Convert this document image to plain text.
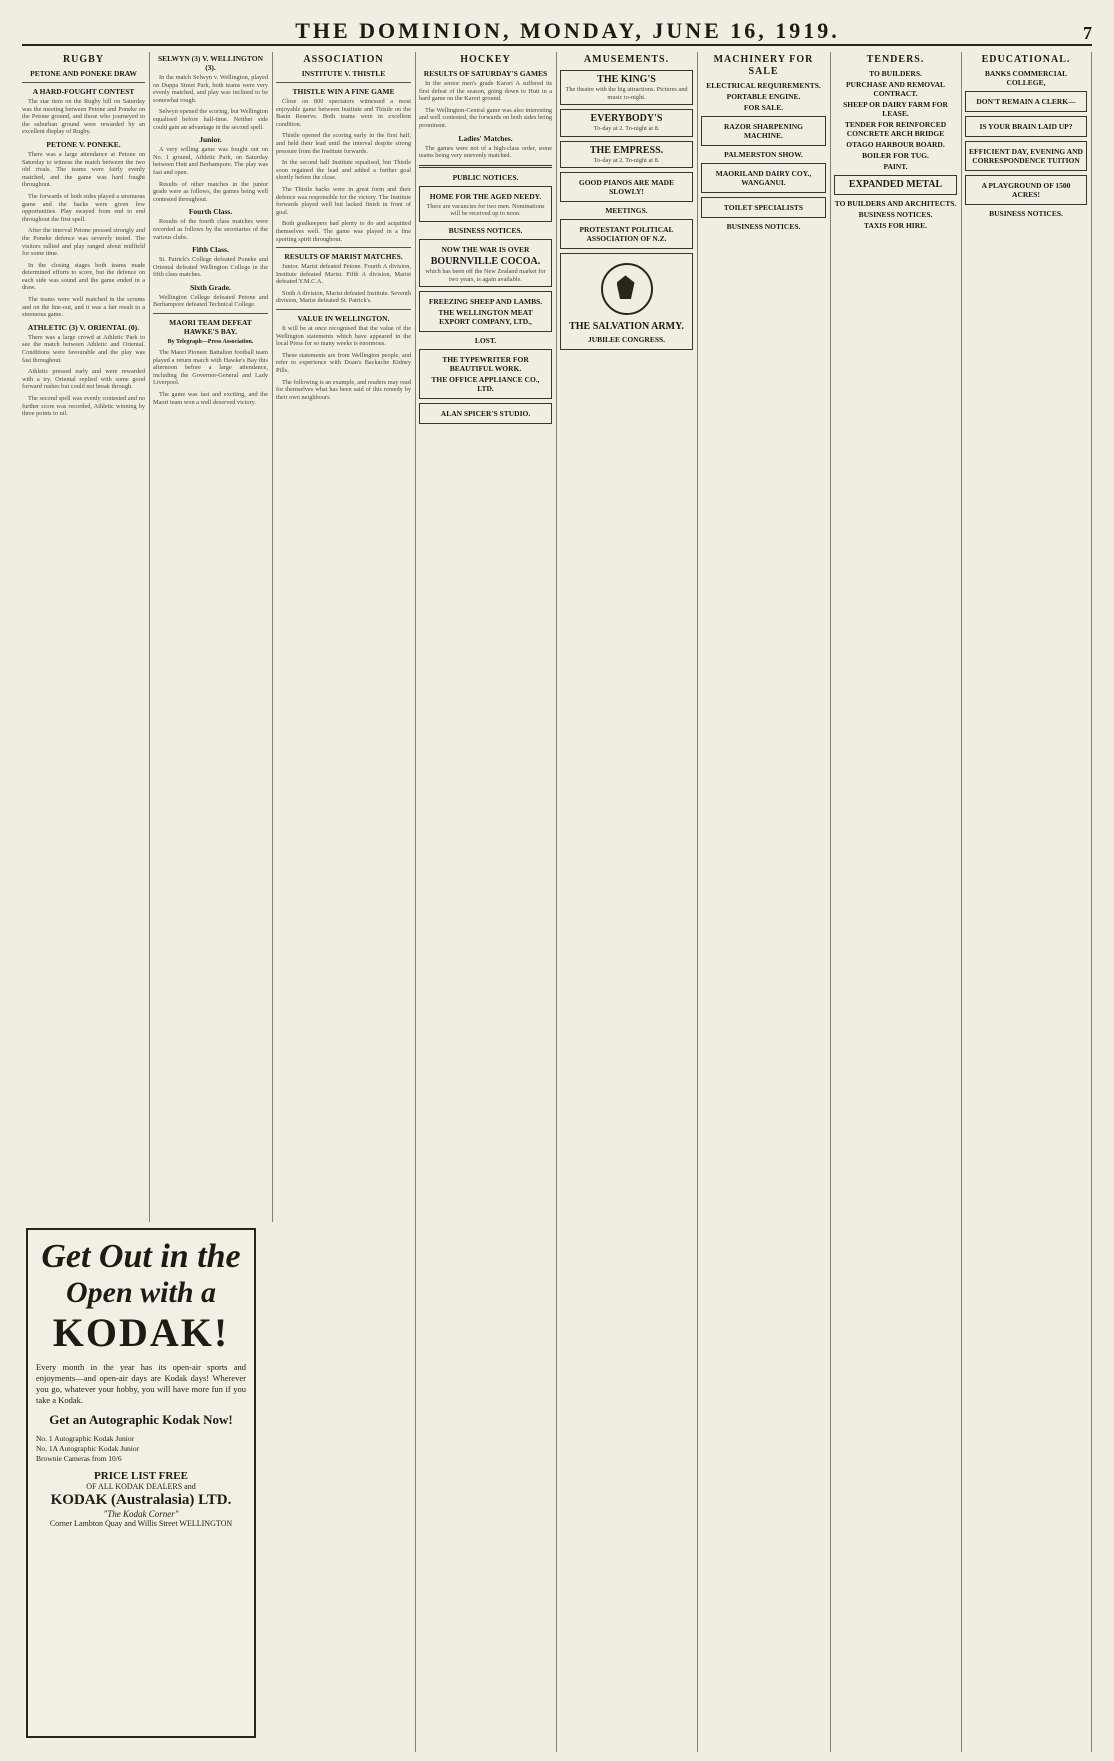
THE DOMINION, MONDAY, JUNE 16, 1919.	7
RUGBY
PETONE AND PONEKE DRAW
A HARD-FOUGHT CONTEST

The star item on the Rugby bill on Saturday was the meeting between Petone and Poneke on the Petone ground, and those who journeyed to the suburban ground were rewarded by an excellent display of Rugby.

PETONE V. PONEKE.

There was a large attendance at Petone on Saturday to witness the match between the two old rivals. The teams were fairly evenly matched, and the game was hard fought throughout.

The forwards of both sides played a strenuous game and the backs were given few opportunities. Play swayed from end to end throughout the first spell.

After the interval Petone pressed strongly and the Poneke defence was severely tested. The visitors rallied and play ranged about midfield for some time.

In the closing stages both teams made determined efforts to score, but the defence on each side was sound and the game ended in a draw.

The teams were well matched in the scrums and on the line-out, and it was a fair result to a strenuous game.

ATHLETIC (3) V. ORIENTAL (0).

There was a large crowd at Athletic Park to see the match between Athletic and Oriental. Conditions were favourable and the play was fast throughout.

Athletic pressed early and were rewarded with a try. Oriental replied with some good forward rushes but could not break through.

The second spell was evenly contested and no further score was recorded, Athletic winning by three points to nil.

SELWYN (3) V. WELLINGTON (3).

In the match Selwyn v. Wellington, played on Duppa Street Park, both teams were very evenly matched, and play was inclined to be somewhat rough.

Selwyn opened the scoring, but Wellington equalised before half-time. Neither side could gain an advantage in the second spell.

Junior.

A very willing game was fought out on No. 1 ground, Athletic Park, on Saturday between Hutt and Berhampore. The play was fast and open.

Results of other matches in the junior grade were as follows, the games being well contested throughout.

Fourth Class.

Results of the fourth class matches were recorded as follows by the secretaries of the various clubs.

Fifth Class.

St. Patrick's College defeated Poneke and Oriental defeated Wellington College in the fifth class matches.

Sixth Grade.

Wellington College defeated Petone and Berhampore defeated Technical College.

MAORI TEAM DEFEAT HAWKE'S BAY.
By Telegraph—Press Association.

The Maori Pioneer Battalion football team played a return match with Hawke's Bay this afternoon before a large attendance, including the Governor-General and Lady Liverpool.

The game was fast and exciting, and the Maori team won a well deserved victory.

ASSOCIATION
INSTITUTE V. THISTLE
THISTLE WIN A FINE GAME

Close on 800 spectators witnessed a most enjoyable game between Institute and Thistle on the Basin Reserve. Both teams were in excellent condition.

Thistle opened the scoring early in the first half, and held their lead until the interval despite strong pressure from the Institute forwards.

In the second half Institute equalised, but Thistle soon regained the lead and added a further goal shortly before the close.

The Thistle backs were in great form and their defence was responsible for the victory. The Institute forwards played well but lacked finish in front of goal.

Both goalkeepers had plenty to do and acquitted themselves well. The game was played in a fine sporting spirit throughout.

RESULTS OF MARIST MATCHES.

Junior. Marist defeated Petone. Fourth A division, Institute defeated Marist. Fifth A division, Marist defeated Y.M.C.A.

Sixth A division, Marist defeated Institute. Seventh division, Marist defeated St. Patrick's.

VALUE IN WELLINGTON.

It will be at once recognised that the value of the Wellington statements which have appeared in the local Press for so many weeks is enormous.

These statements are from Wellington people, and refer to experience with Doan's Backache Kidney Pills.

The following is an example, and readers may read for themselves what has been said of this remedy by their own neighbours.

HOCKEY
RESULTS OF SATURDAY'S GAMES

In the senior men's grade Karori A suffered its first defeat of the season, going down to Hutt in a hard game on the Karori ground.

The Wellington-Central game was also interesting and well contested, the forwards on both sides being prominent.

Ladies' Matches.

The games were not of a high-class order, some teams being very unevenly matched.

PUBLIC NOTICES.
HOME FOR THE AGED NEEDY.
There are vacancies for two men. Nominations will be received up to noon.
BUSINESS NOTICES.
NOW THE WAR IS OVER
BOURNVILLE COCOA.
which has been off the New Zealand market for two years, is again available.
FREEZING SHEEP AND LAMBS.
THE WELLINGTON MEAT EXPORT COMPANY, LTD.,
LOST.
THE TYPEWRITER FOR BEAUTIFUL WORK.
THE OFFICE APPLIANCE CO., LTD.
ALAN SPICER'S STUDIO.
AMUSEMENTS.
THE KING'S
The theatre with the big attractions. Pictures and music to-night.
EVERYBODY'S
To-day at 2. To-night at 8.
THE EMPRESS.
To-day at 2. To-night at 8.
GOOD PIANOS ARE MADE SLOWLY!
MEETINGS.
PROTESTANT POLITICAL ASSOCIATION OF N.Z.
THE SALVATION ARMY.
JUBILEE CONGRESS.
MACHINERY FOR SALE
ELECTRICAL REQUIREMENTS.
PORTABLE ENGINE.
FOR SALE.
RAZOR SHARPENING MACHINE.
PALMERSTON SHOW.
MAORILAND DAIRY COY., WANGANUI.
TOILET SPECIALISTS
BUSINESS NOTICES.
TENDERS.
TO BUILDERS.
PURCHASE AND REMOVAL CONTRACT.
SHEEP OR DAIRY FARM FOR LEASE.
TENDER FOR REINFORCED CONCRETE ARCH BRIDGE
OTAGO HARBOUR BOARD.
BOILER FOR TUG.
PAINT.
EXPANDED METAL
TO BUILDERS AND ARCHITECTS.
BUSINESS NOTICES.
TAXIS FOR HIRE.
EDUCATIONAL.
BANKS COMMERCIAL COLLEGE,
DON'T REMAIN A CLERK—
IS YOUR BRAIN LAID UP?
EFFICIENT DAY, EVENING AND CORRESPONDENCE TUITION
A PLAYGROUND OF 1500 ACRES!
BUSINESS NOTICES.
Get Out in the
Open with a
KODAK!
Every month in the year has its open-air sports and enjoyments—and open-air days are Kodak days! Wherever you go, whatever your hobby, you will have more fun if you take a Kodak.
Get an Autographic Kodak Now!
No. 1 Autographic Kodak Junior
No. 1A Autographic Kodak Junior
Brownie Cameras from 10/6
PRICE LIST FREE
OF ALL KODAK DEALERS and
KODAK (Australasia) LTD.
"The Kodak Corner"
Corner Lambton Quay and Willis Street WELLINGTON
